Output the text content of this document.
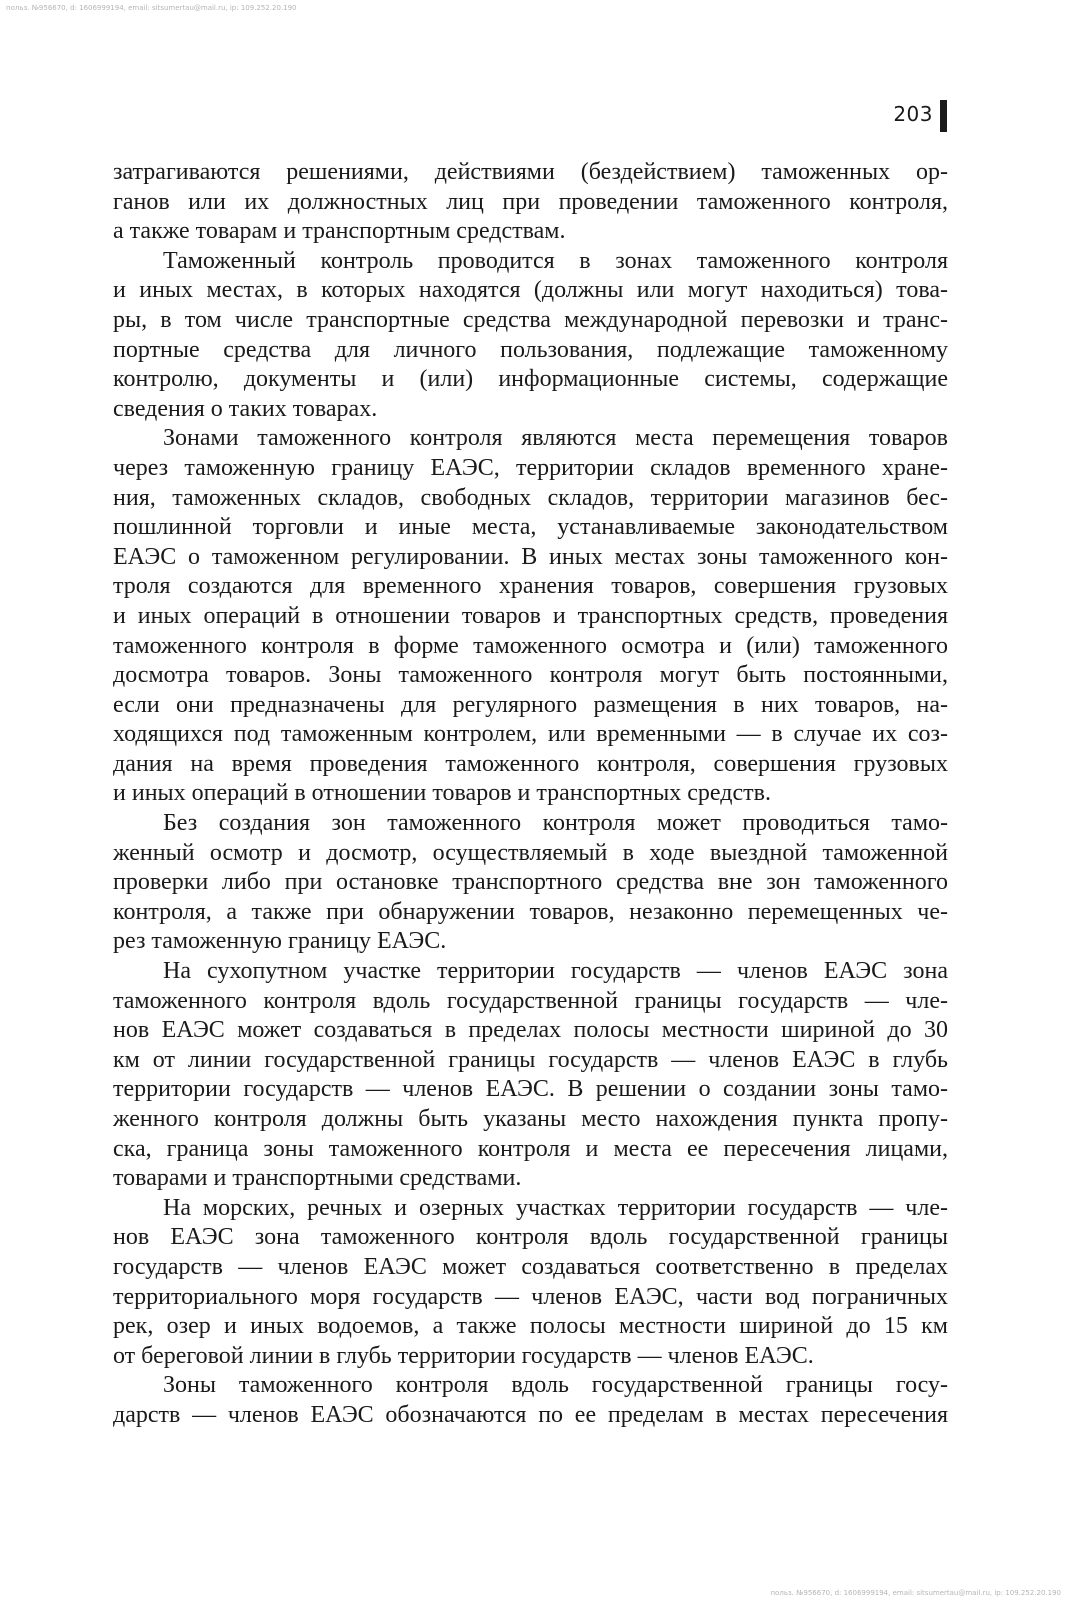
польз. №956670, d: 1606999194, email: sitsumertau@mail.ru, ip: 109.252.20.190
203
затрагиваются решениями, действиями (бездействием) таможенных ор-
ганов или их должностных лиц при проведении таможенного контроля,
а также товарам и транспортным средствам.
Таможенный контроль проводится в зонах таможенного контроля
и иных местах, в которых находятся (должны или могут находиться) това-
ры, в том числе транспортные средства международной перевозки и транс-
портные средства для личного пользования, подлежащие таможенному
контролю, документы и (или) информационные системы, содержащие
сведения о таких товарах.
Зонами таможенного контроля являются места перемещения товаров
через таможенную границу ЕАЭС, территории складов временного хране-
ния, таможенных складов, свободных складов, территории магазинов бес-
пошлинной торговли и иные места, устанавливаемые законодательством
ЕАЭС о таможенном регулировании. В иных местах зоны таможенного кон-
троля создаются для временного хранения товаров, совершения грузовых
и иных операций в отношении товаров и транспортных средств, проведения
таможенного контроля в форме таможенного осмотра и (или) таможенного
досмотра товаров. Зоны таможенного контроля могут быть постоянными,
если они предназначены для регулярного размещения в них товаров, на-
ходящихся под таможенным контролем, или временными — в случае их соз-
дания на время проведения таможенного контроля, совершения грузовых
и иных операций в отношении товаров и транспортных средств.
Без создания зон таможенного контроля может проводиться тамо-
женный осмотр и досмотр, осуществляемый в ходе выездной таможенной
проверки либо при остановке транспортного средства вне зон таможенного
контроля, а также при обнаружении товаров, незаконно перемещенных че-
рез таможенную границу ЕАЭС.
На сухопутном участке территории государств — членов ЕАЭС зона
таможенного контроля вдоль государственной границы государств — чле-
нов ЕАЭС может создаваться в пределах полосы местности шириной до 30
км от линии государственной границы государств — членов ЕАЭС в глубь
территории государств — членов ЕАЭС. В решении о создании зоны тамо-
женного контроля должны быть указаны место нахождения пункта пропу-
ска, граница зоны таможенного контроля и места ее пересечения лицами,
товарами и транспортными средствами.
На морских, речных и озерных участках территории государств — чле-
нов ЕАЭС зона таможенного контроля вдоль государственной границы
государств — членов ЕАЭС может создаваться соответственно в пределах
территориального моря государств — членов ЕАЭС, части вод пограничных
рек, озер и иных водоемов, а также полосы местности шириной до 15 км
от береговой линии в глубь территории государств — членов ЕАЭС.
Зоны таможенного контроля вдоль государственной границы госу-
дарств — членов ЕАЭС обозначаются по ее пределам в местах пересечения
польз. №956670, d: 1606999194, email: sitsumertau@mail.ru, ip: 109.252.20.190
